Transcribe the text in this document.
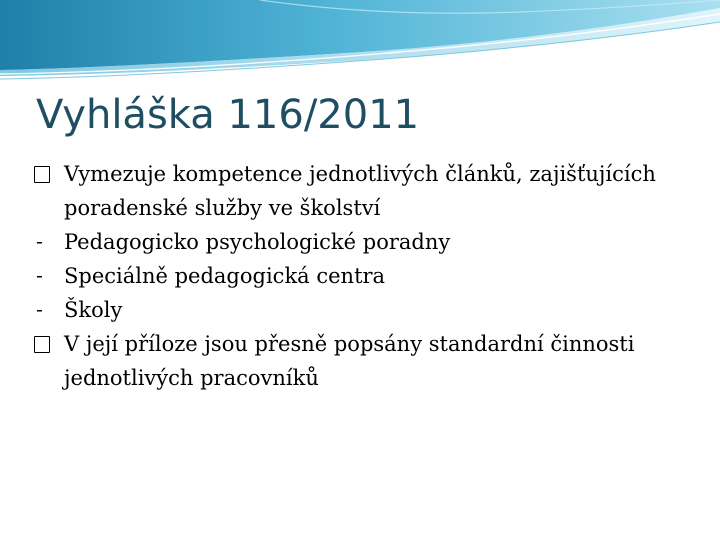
Vyhláška 116/2011
Vymezuje kompetence jednotlivých článků, zajišťujících poradenské služby ve školství
-	Pedagogicko psychologické poradny
-	Speciálně pedagogická centra
-	Školy
V její příloze jsou přesně popsány standardní činnosti jednotlivých pracovníků
